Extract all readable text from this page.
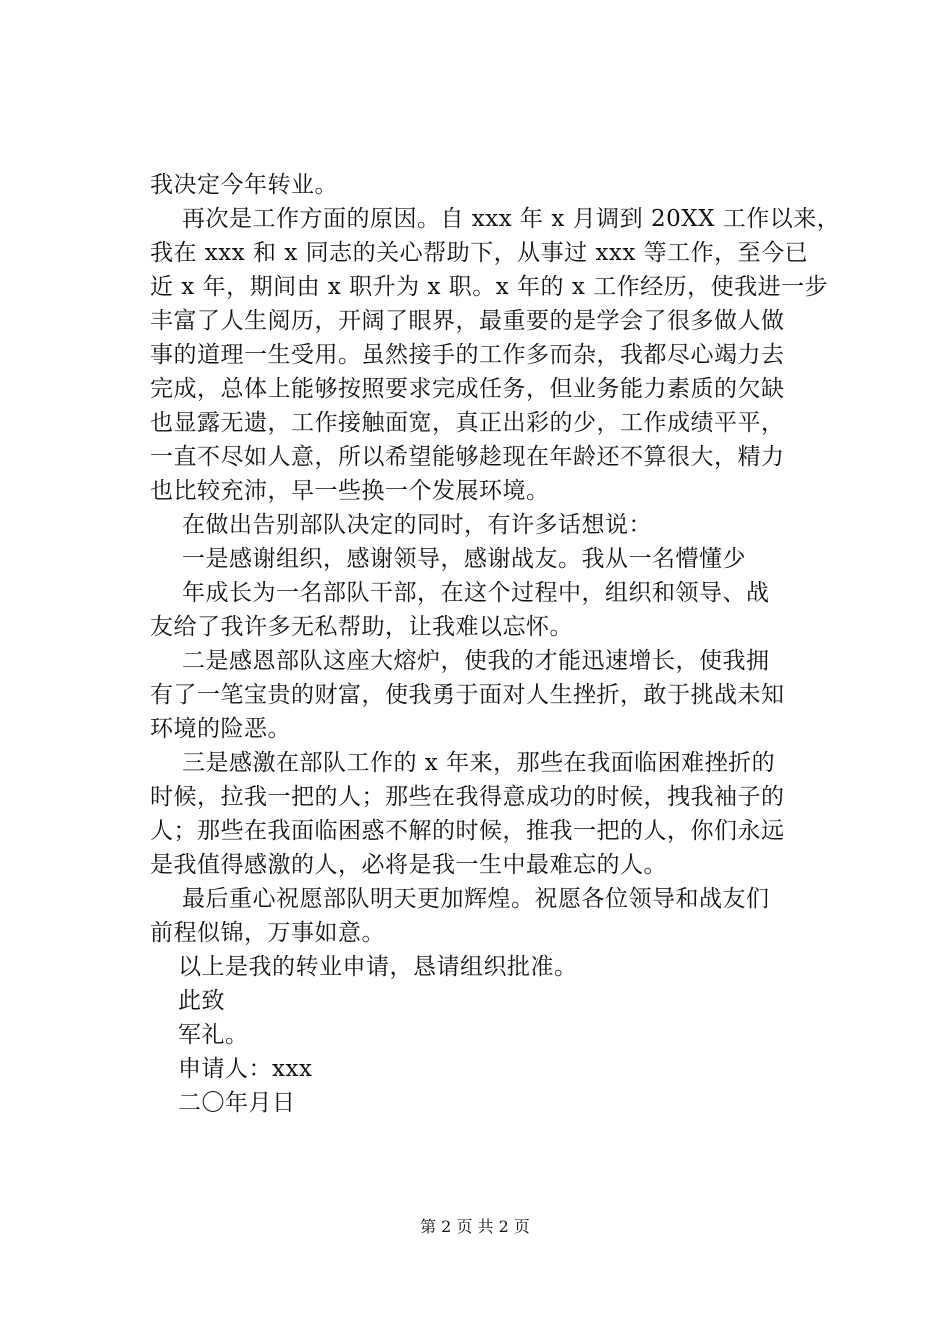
我决定今年转业。
再次是工作方面的原因。自 xxx 年 x 月调到 20XX 工作以来，
我在 xxx 和 x 同志的关心帮助下，从事过 xxx 等工作，至今已
近 x 年，期间由 x 职升为 x 职。x 年的 x 工作经历，使我进一步
丰富了人生阅历，开阔了眼界，最重要的是学会了很多做人做
事的道理一生受用。虽然接手的工作多而杂，我都尽心竭力去
完成，总体上能够按照要求完成任务，但业务能力素质的欠缺
也显露无遗，工作接触面宽，真正出彩的少，工作成绩平平，
一直不尽如人意，所以希望能够趁现在年龄还不算很大，精力
也比较充沛，早一些换一个发展环境。
在做出告别部队决定的同时，有许多话想说：
一是感谢组织，感谢领导，感谢战友。我从一名懵懂少
年成长为一名部队干部，在这个过程中，组织和领导、战
友给了我许多无私帮助，让我难以忘怀。
二是感恩部队这座大熔炉，使我的才能迅速增长，使我拥
有了一笔宝贵的财富，使我勇于面对人生挫折，敢于挑战未知
环境的险恶。
三是感激在部队工作的 x 年来，那些在我面临困难挫折的
时候，拉我一把的人；那些在我得意成功的时候，拽我袖子的
人；那些在我面临困惑不解的时候，推我一把的人，你们永远
是我值得感激的人，必将是我一生中最难忘的人。
最后重心祝愿部队明天更加辉煌。祝愿各位领导和战友们
前程似锦，万事如意。
以上是我的转业申请，恳请组织批准。
此致
军礼。
申请人：xxx
二〇年月日
第 2 页 共 2 页
